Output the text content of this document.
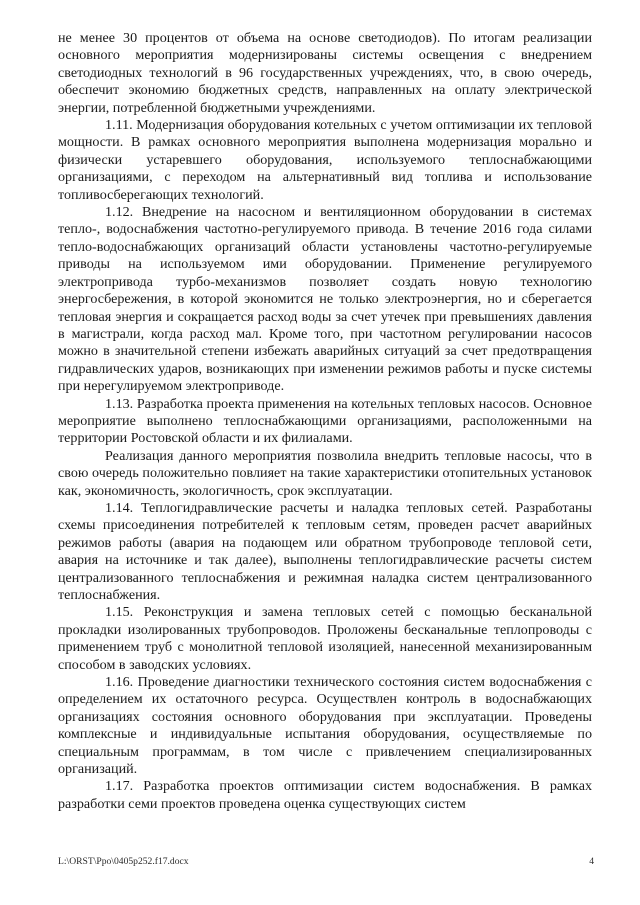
не менее 30 процентов от объема на основе светодиодов). По итогам реализации основного мероприятия модернизированы системы освещения с внедрением светодиодных технологий в 96 государственных учреждениях, что, в свою очередь, обеспечит экономию бюджетных средств, направленных на оплату электрической энергии, потребленной бюджетными учреждениями.

1.11. Модернизация оборудования котельных с учетом оптимизации их тепловой мощности. В рамках основного мероприятия выполнена модернизация морально и физически устаревшего оборудования, используемого теплоснабжающими организациями, с переходом на альтернативный вид топлива и использование топливосберегающих технологий.

1.12. Внедрение на насосном и вентиляционном оборудовании в системах тепло-, водоснабжения частотно-регулируемого привода. В течение 2016 года силами тепло-водоснабжающих организаций области установлены частотно-регулируемые приводы на используемом ими оборудовании. Применение регулируемого электропривода турбо-механизмов позволяет создать новую технологию энергосбережения, в которой экономится не только электроэнергия, но и сберегается тепловая энергия и сокращается расход воды за счет утечек при превышениях давления в магистрали, когда расход мал. Кроме того, при частотном регулировании насосов можно в значительной степени избежать аварийных ситуаций за счет предотвращения гидравлических ударов, возникающих при изменении режимов работы и пуске системы при нерегулируемом электроприводе.

1.13. Разработка проекта применения на котельных тепловых насосов. Основное мероприятие выполнено теплоснабжающими организациями, расположенными на территории Ростовской области и их филиалами.

Реализация данного мероприятия позволила внедрить тепловые насосы, что в свою очередь положительно повлияет на такие характеристики отопительных установок как, экономичность, экологичность, срок эксплуатации.

1.14. Теплогидравлические расчеты и наладка тепловых сетей. Разработаны схемы присоединения потребителей к тепловым сетям, проведен расчет аварийных режимов работы (авария на подающем или обратном трубопроводе тепловой сети, авария на источнике и так далее), выполнены теплогидравлические расчеты систем централизованного теплоснабжения и режимная наладка систем централизованного теплоснабжения.

1.15. Реконструкция и замена тепловых сетей с помощью бесканальной прокладки изолированных трубопроводов. Проложены бесканальные теплопроводы с применением труб с монолитной тепловой изоляцией, нанесенной механизированным способом в заводских условиях.

1.16. Проведение диагностики технического состояния систем водоснабжения с определением их остаточного ресурса. Осуществлен контроль в водоснабжающих организациях состояния основного оборудования при эксплуатации. Проведены комплексные и индивидуальные испытания оборудования, осуществляемые по специальным программам, в том числе с привлечением специализированных организаций.

1.17. Разработка проектов оптимизации систем водоснабжения. В рамках разработки семи проектов проведена оценка существующих систем

L:\ORST\Ppo\0405p252.f17.docx	4
